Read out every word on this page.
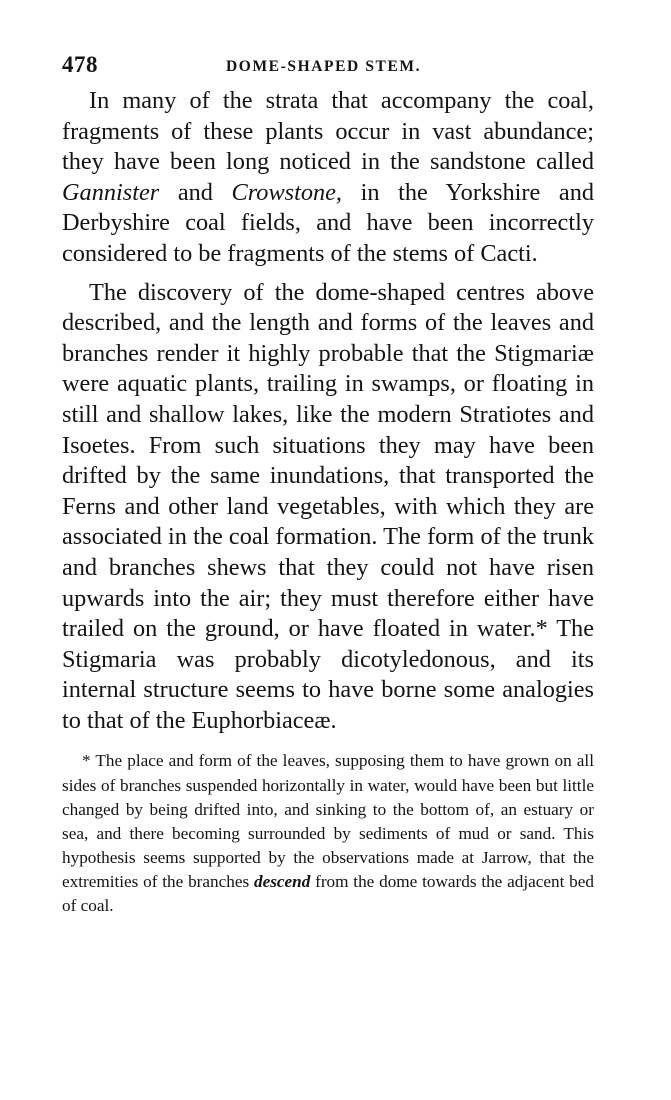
478	DOME-SHAPED STEM.

In many of the strata that accompany the coal, fragments of these plants occur in vast abundance; they have been long noticed in the sandstone called Gannister and Crowstone, in the Yorkshire and Derbyshire coal fields, and have been incorrectly considered to be fragments of the stems of Cacti.

The discovery of the dome-shaped centres above described, and the length and forms of the leaves and branches render it highly probable that the Stigmariæ were aquatic plants, trailing in swamps, or floating in still and shallow lakes, like the modern Stratiotes and Isoetes. From such situations they may have been drifted by the same inundations, that transported the Ferns and other land vegetables, with which they are associated in the coal formation. The form of the trunk and branches shews that they could not have risen upwards into the air; they must therefore either have trailed on the ground, or have floated in water.* The Stigmaria was probably dicotyledonous, and its internal structure seems to have borne some analogies to that of the Euphorbiaceæ.

* The place and form of the leaves, supposing them to have grown on all sides of branches suspended horizontally in water, would have been but little changed by being drifted into, and sinking to the bottom of, an estuary or sea, and there becoming surrounded by sediments of mud or sand. This hypothesis seems supported by the observations made at Jarrow, that the extremities of the branches descend from the dome towards the adjacent bed of coal.
